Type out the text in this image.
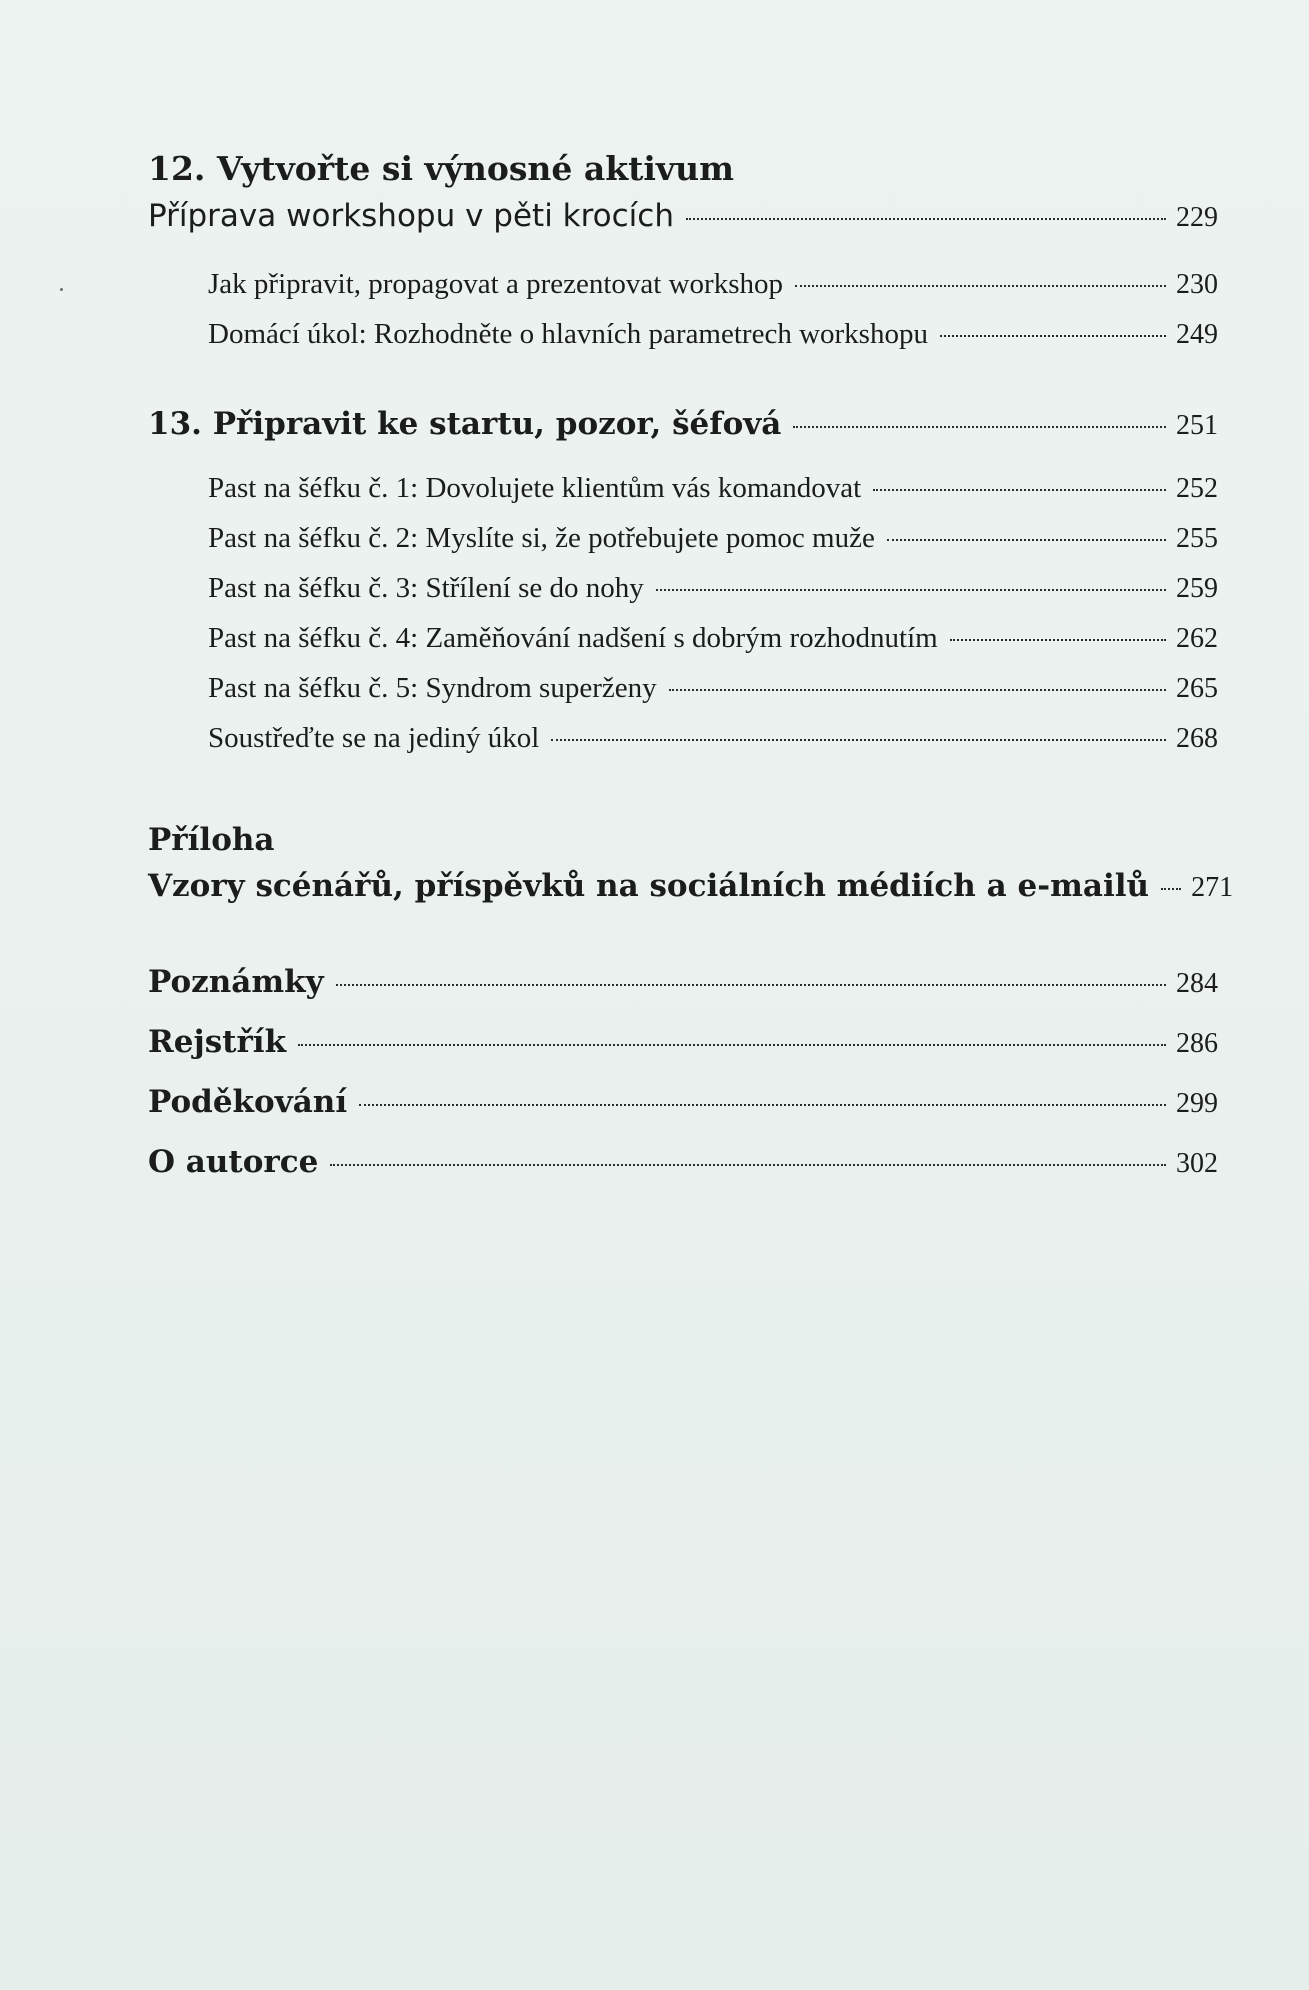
12. Vytvořte si výnosné aktivum
Příprava workshopu v pěti krocích	229
Jak připravit, propagovat a prezentovat workshop	230
Domácí úkol: Rozhodněte o hlavních parametrech workshopu	249
13. Připravit ke startu, pozor, šéfová	251
Past na šéfku č. 1: Dovolujete klientům vás komandovat	252
Past na šéfku č. 2: Myslíte si, že potřebujete pomoc muže	255
Past na šéfku č. 3: Střílení se do nohy	259
Past na šéfku č. 4: Zaměňování nadšení s dobrým rozhodnutím	262
Past na šéfku č. 5: Syndrom superženy	265
Soustřeďte se na jediný úkol	268
Příloha
Vzory scénářů, příspěvků na sociálních médiích a e-mailů 271
Poznámky	284
Rejstřík	286
Poděkování	299
O autorce	302
